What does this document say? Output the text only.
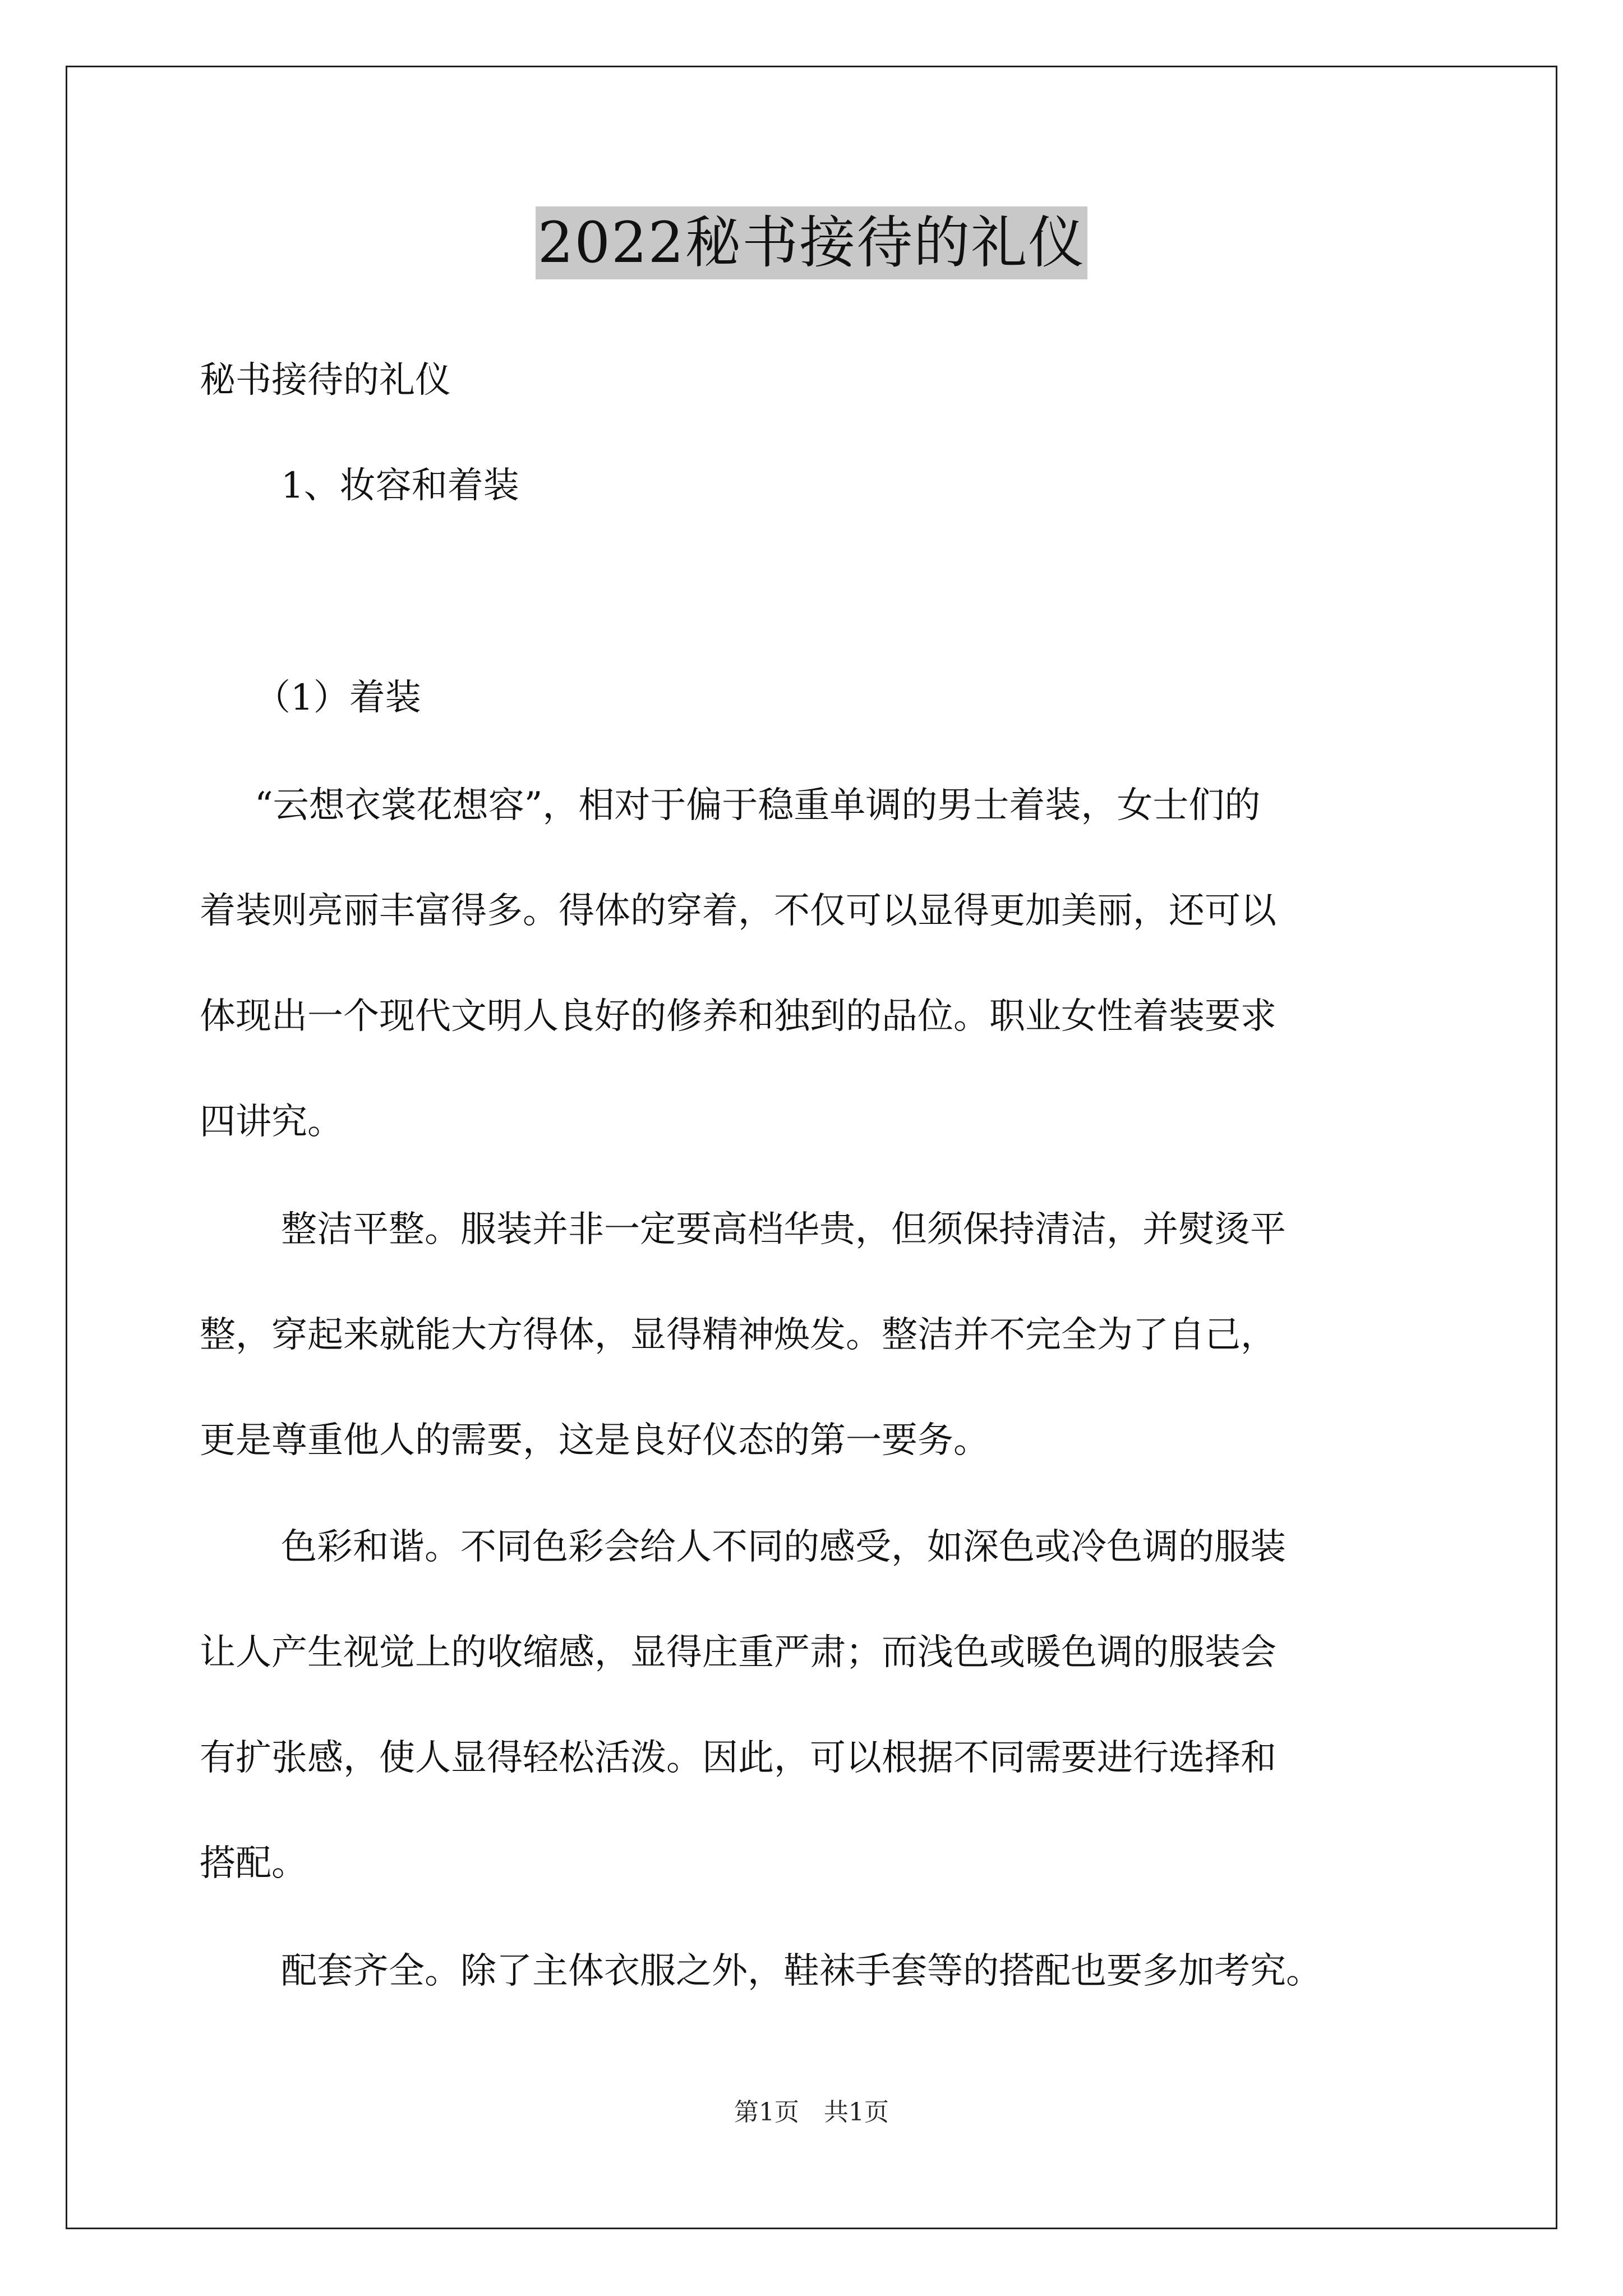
2022秘书接待的礼仪
秘书接待的礼仪
1、妆容和着装
（1）着装
“云想衣裳花想容”，相对于偏于稳重单调的男士着装，女士们的
着装则亮丽丰富得多。得体的穿着，不仅可以显得更加美丽，还可以
体现出一个现代文明人良好的修养和独到的品位。职业女性着装要求
四讲究。
整洁平整。服装并非一定要高档华贵，但须保持清洁，并熨烫平
整，穿起来就能大方得体，显得精神焕发。整洁并不完全为了自己，
更是尊重他人的需要，这是良好仪态的第一要务。
色彩和谐。不同色彩会给人不同的感受，如深色或冷色调的服装
让人产生视觉上的收缩感，显得庄重严肃；而浅色或暖色调的服装会
有扩张感，使人显得轻松活泼。因此，可以根据不同需要进行选择和
搭配。
配套齐全。除了主体衣服之外，鞋袜手套等的搭配也要多加考究。
第1页　共1页
